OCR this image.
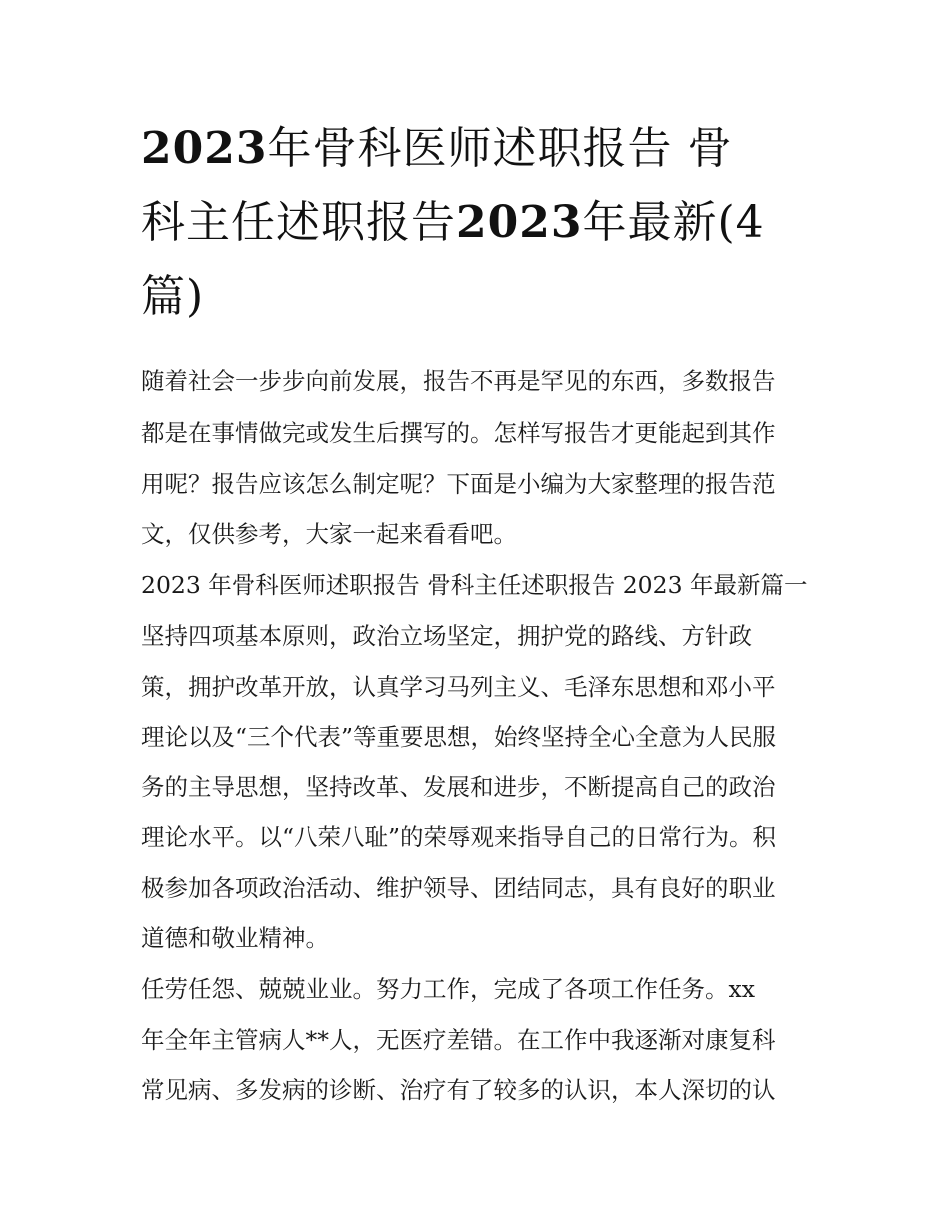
2023年骨科医师述职报告 骨
科主任述职报告2023年最新(4
篇)
随着社会一步步向前发展，报告不再是罕见的东西，多数报告
都是在事情做完或发生后撰写的。怎样写报告才更能起到其作
用呢？报告应该怎么制定呢？下面是小编为大家整理的报告范
文，仅供参考，大家一起来看看吧。
2023 年骨科医师述职报告 骨科主任述职报告 2023 年最新篇一
坚持四项基本原则，政治立场坚定，拥护党的路线、方针政
策，拥护改革开放，认真学习马列主义、毛泽东思想和邓小平
理论以及“三个代表”等重要思想，始终坚持全心全意为人民服
务的主导思想，坚持改革、发展和进步，不断提高自己的政治
理论水平。以“八荣八耻”的荣辱观来指导自己的日常行为。积
极参加各项政治活动、维护领导、团结同志，具有良好的职业
道德和敬业精神。
任劳任怨、兢兢业业。努力工作，完成了各项工作任务。xx
年全年主管病人**人，无医疗差错。在工作中我逐渐对康复科
常见病、多发病的诊断、治疗有了较多的认识，本人深切的认
